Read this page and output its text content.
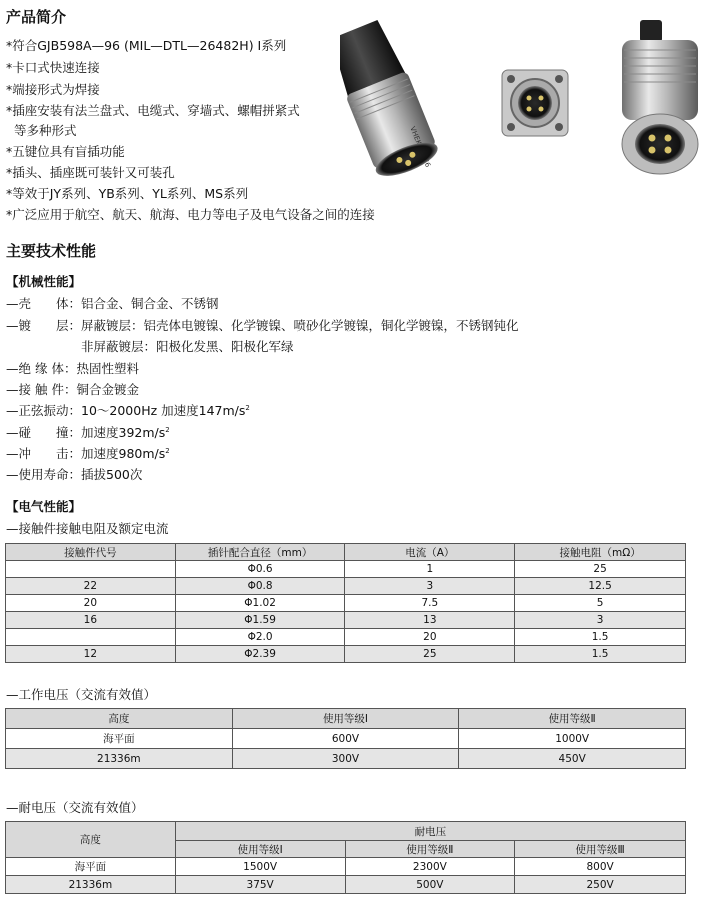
产品简介
*符合GJB598A—96 (MIL—DTL—26482H) Ⅰ系列
*卡口式快速连接
*端接形式为焊接
*插座安装有法兰盘式、电缆式、穿墙式、螺帽拼紧式
等多种形式
*五键位具有盲插功能
*插头、插座既可装针又可装孔
*等效于JY系列、YB系列、YL系列、MS系列
*广泛应用于航空、航天、航海、电力等电子及电气设备之间的连接
主要技术性能
【机械性能】
—壳　　体：铝合金、铜合金、不锈钢
—镀　　层：屏蔽镀层：铝壳体电镀镍、化学镀镍、喷砂化学镀镍，铜化学镀镍，不锈钢钝化
非屏蔽镀层：阳极化发黑、阳极化军绿
—绝 缘 体：热固性塑料
—接 触 件：铜合金镀金
—正弦振动：10～2000Hz 加速度$147m/s^2$
—碰　　撞：加速度$392m/s^2$
—冲　　击：加速度$980m/s^2$
—使用寿命：插拔500次
【电气性能】
—接触件接触电阻及额定电流
接触件代号	插针配合直径（mm）	电流（A）	接触电阻（mΩ）
	Φ0.6	1	25
22	Φ0.8	3	12.5
20	Φ1.02	7.5	5
16	Φ1.59	13	3
	Φ2.0	20	1.5
12	Φ2.39	25	1.5
—工作电压（交流有效值）
高度	使用等级Ⅰ	使用等级Ⅱ
海平面	600V	1000V
21336m	300V	450V
—耐电压（交流有效值）
高度	耐电压		
	使用等级Ⅰ	使用等级Ⅱ	使用等级Ⅲ
海平面	1500V	2300V	800V
21336m	375V	500V	250V
